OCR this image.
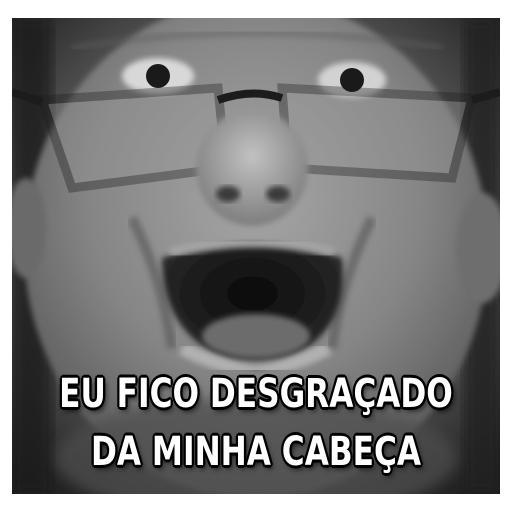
EU FICO DESGRAÇADO
DA MINHA CABEÇA
